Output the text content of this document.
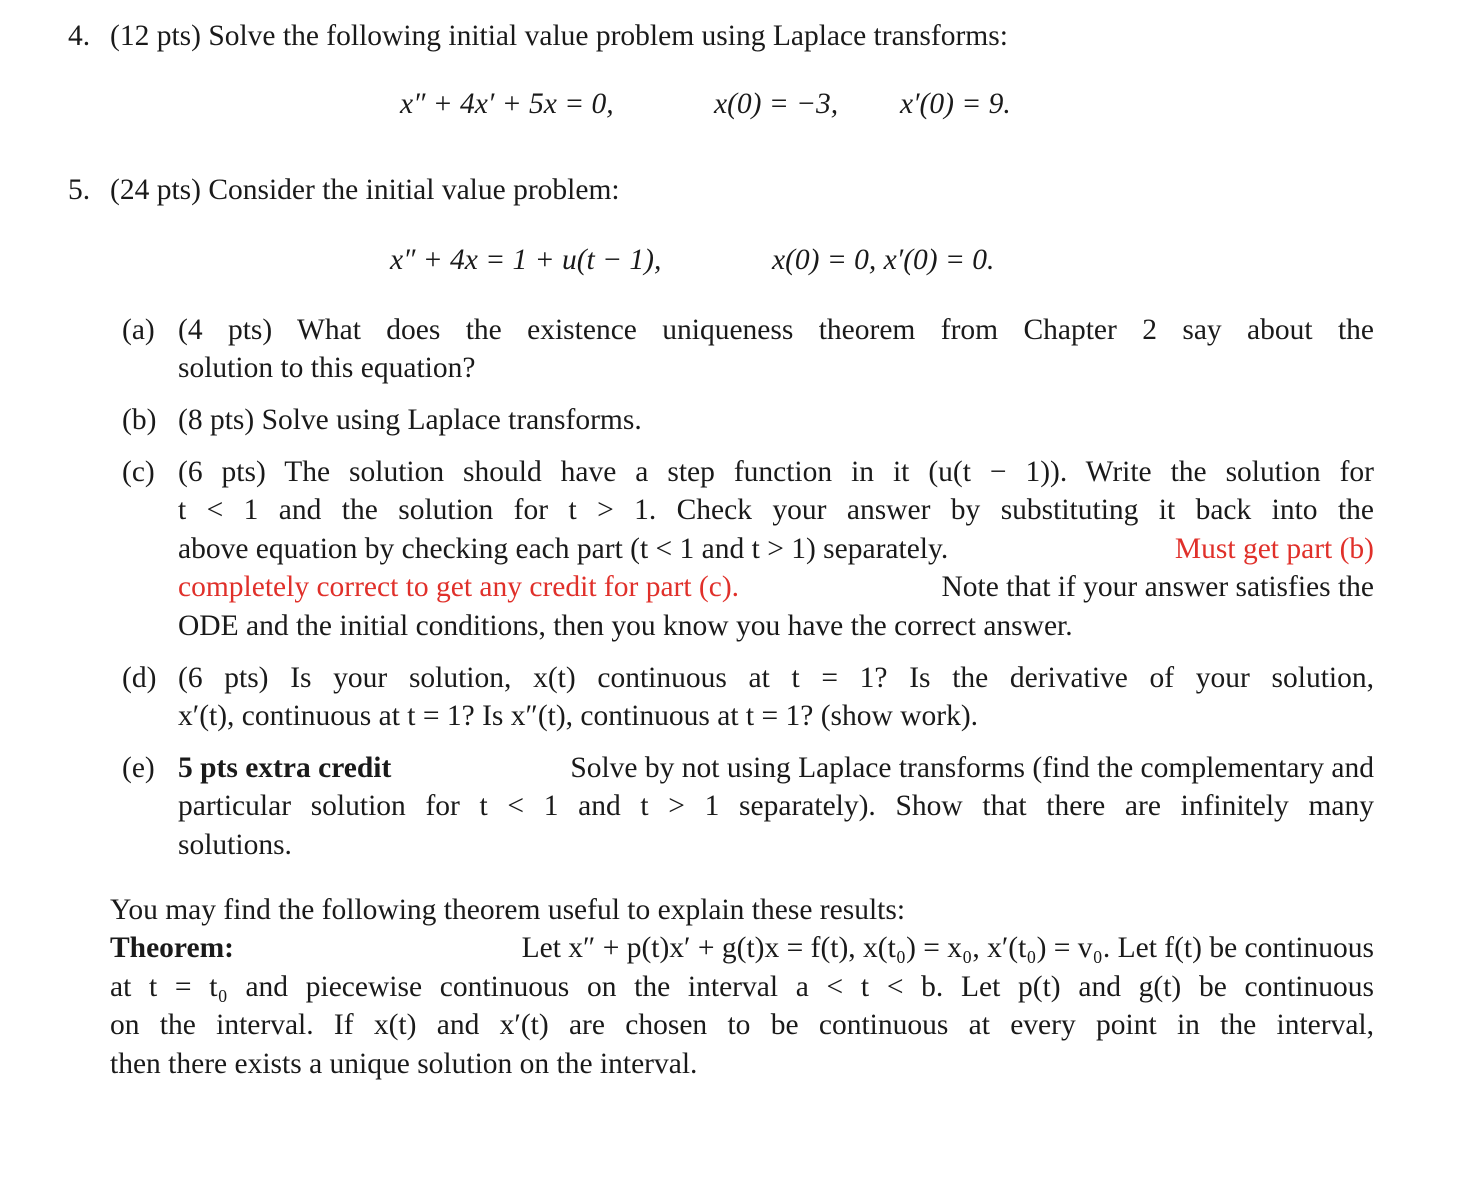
4. (12 pts) Solve the following initial value problem using Laplace transforms:
x″ + 4x′ + 5x = 0,	x(0) = −3, x′(0) = 9.
5. (24 pts) Consider the initial value problem:
x″ + 4x = 1 + u(t − 1),	x(0) = 0, x′(0) = 0.
(a) (4 pts) What does the existence uniqueness theorem from Chapter 2 say about the
solution to this equation?
(b) (8 pts) Solve using Laplace transforms.
(c) (6 pts) The solution should have a step function in it (u(t − 1)). Write the solution for
t < 1 and the solution for t > 1. Check your answer by substituting it back into the
above equation by checking each part (t < 1 and t > 1) separately.	Must get part (b)
completely correct to get any credit for part (c).	Note that if your answer satisfies the
ODE and the initial conditions, then you know you have the correct answer.
(d) (6 pts) Is your solution, x(t) continuous at t = 1? Is the derivative of your solution,
x′(t), continuous at t = 1? Is x″(t), continuous at t = 1? (show work).
(e) 5 pts extra credit	Solve by not using Laplace transforms (find the complementary and
particular solution for t < 1 and t > 1 separately). Show that there are infinitely many
solutions.
You may find the following theorem useful to explain these results:
Theorem:	Let x″ + p(t)x′ + g(t)x = f(t), x(t₀) = x₀, x′(t₀) = v₀. Let f(t) be continuous
at t = t₀ and piecewise continuous on the interval a < t < b. Let p(t) and g(t) be continuous
on the interval. If x(t) and x′(t) are chosen to be continuous at every point in the interval,
then there exists a unique solution on the interval.
